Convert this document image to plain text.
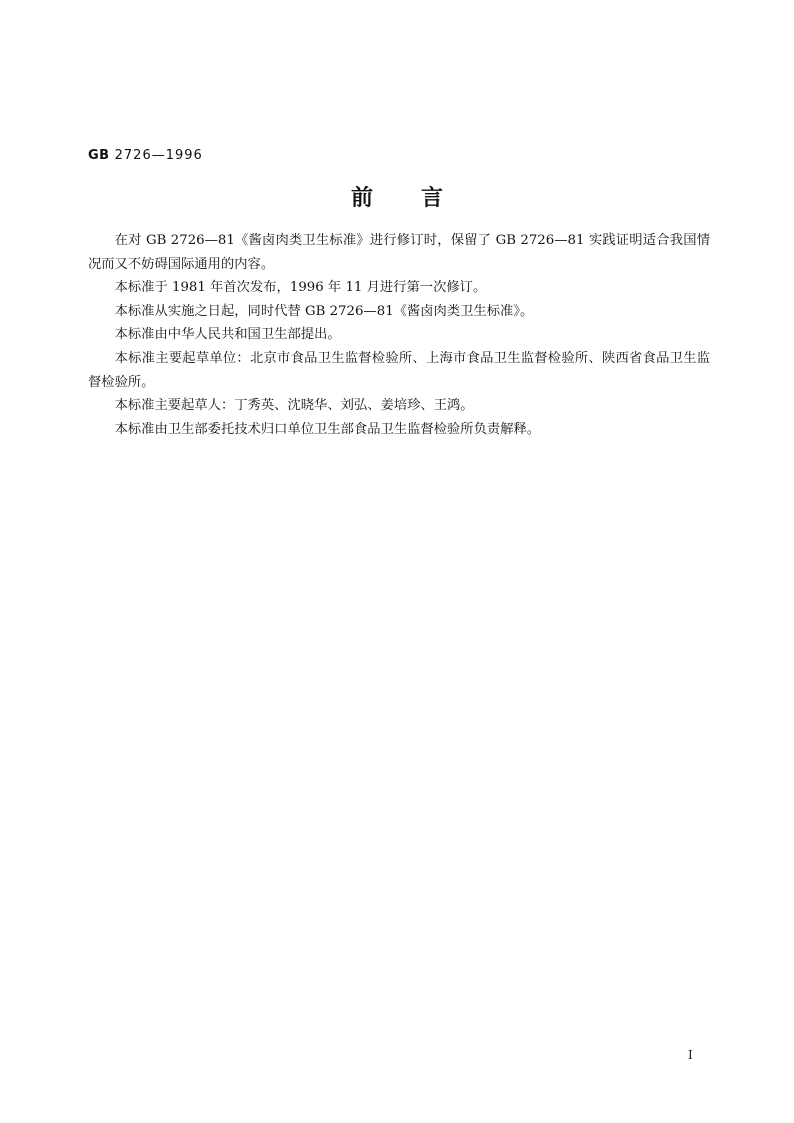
GB 2726—1996
前言

在对 GB 2726—81《酱卤肉类卫生标准》进行修订时，保留了 GB 2726—81 实践证明适合我国情况而又不妨碍国际通用的内容。

本标准于 1981 年首次发布，1996 年 11 月进行第一次修订。

本标准从实施之日起，同时代替 GB 2726—81《酱卤肉类卫生标准》。

本标准由中华人民共和国卫生部提出。

本标准主要起草单位：北京市食品卫生监督检验所、上海市食品卫生监督检验所、陕西省食品卫生监督检验所。

本标准主要起草人：丁秀英、沈晓华、刘弘、姜培珍、王鸿。

本标准由卫生部委托技术归口单位卫生部食品卫生监督检验所负责解释。

I
